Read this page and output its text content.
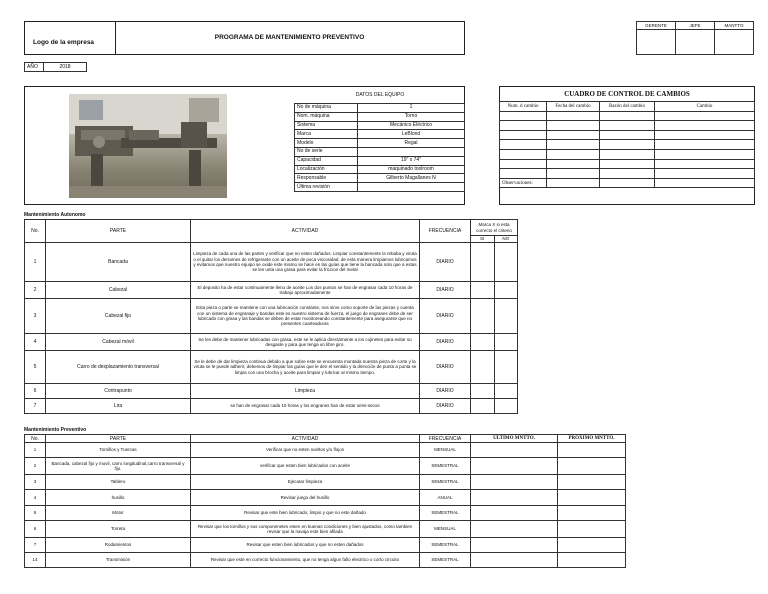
Logo de la empresa
PROGRAMA DE MANTENIMIENTO PREVENTIVO
GERENTE	JEFE	MANTTO

AÑO	2018
DATOS DEL EQUIPO
No de máquina	1
Nom. máquina	Torno
Sistema	Mecánico Eléctrico
Marca	LeBlond
Modelo	Regal
No de serie	
Capacidad	19" x 74"
Localización	maquinado toolroom
Responsable	Gilberto Magallanes N
Última revisión	
CUADRO DE CONTROL DE CAMBIOS
Num. d cambio	Fecha del cambio	Razón del cambio	Cambio

Observaciones:
Mantenimiento Autonomo
No.	PARTE	ACTIVIDAD	FRECUENCIA	Marca X si esta correcto el criterio	
				SI	NO
1	Bancada	Limpieza de cada una de las partes y verificar que no esten dañados. Limpiar constantemente la rebaba y viruta o el quitar los derrames de refrigerante con un aceite de poca viscosidad, de esta manera limpiamos lubricamos y evitamos que nuestro equipo se oxide este mismo se hace en las guías que tiene la bancada solo que a estas se les unta una grasa para evitar la friccion del metal	DIARIO		
2	Cabezal	El deposito ha de estar continuamente lleno de aceite Los dos puntos se han de engrasar cada 10 horas de trabajo aproximadamente	DIARIO		
3	Cabezal fijo	Esta pieza o parte se mantiene con una lubricación constante, nos sirve como soporte de las piezas y cuenta con un sistema de engranaje y bandas este es nuestro sistema de fuerza, el juego de engranes debe de ser lubricado con grasa y las bandas se deben de estar monitoreando constantemente para asegurarse que no presenten cuarteaduras	DIARIO		
4	Cabezal móvil	Se les debe de mantener lubricadas con grasa, este se le aplica directamente a los cojinetes para evitar su desgaste y para que tenga un libre giro.	DIARIO		
5	Carro de desplazamiento transversal	Se le debe de dar limpieza continua debido a que sobre este se encuentra montada nuestra pieza de corte y la viruta se le puede adherir, debemos de limpiar las guías que le den el sentido y la dirección de punta a punta se limpia con una brocha y aceite para limpiar y lubricar al mismo tiempo.	DIARIO		
6	Contrapunto	Limpieza	DIARIO		
7	Lira	se han de engrasar cada 10 horas y los engranes han de estar semi-secos	DIARIO		
Mantenimiento Preventivo
No.	PARTE	ACTIVIDAD	FRECUENCIA	ULTIMO MNTTO.	PROXIMO MNTTO.
1	Tornillos y Tuercas	Verificar que no esten sueltos y/o flojos	MENSUAL		
2	Bancada, cabezal fijo y movil, carro longitudinal,carro transversal y fijo.	verificar que esten bien lubricados con aceite	SEMESTRAL		
3	Tablero	Ejecutar limpieza	SEMESTRAL		
4	husillo	Revisar juego del husillo	ANUAL		
5	Motor	Revisar que este bien lubricado, limpio y que no este dañado	SEMESTRAL		
6	Torreta	Revisar que los tornillos y sus componenetes esten en buenas condiciones y bien ajustados, como tambien revisar que la navaja este bien afilada	MENSUAL		
7	Rodamientos	Revisar que esten bien lubricados y que no esten dañados	SEMESTRAL		
14	Transmisión	Revisar que este en correcto funcionamiento, que no tenga algun fallo electrico o corto circuito	SEMESTRAL		
